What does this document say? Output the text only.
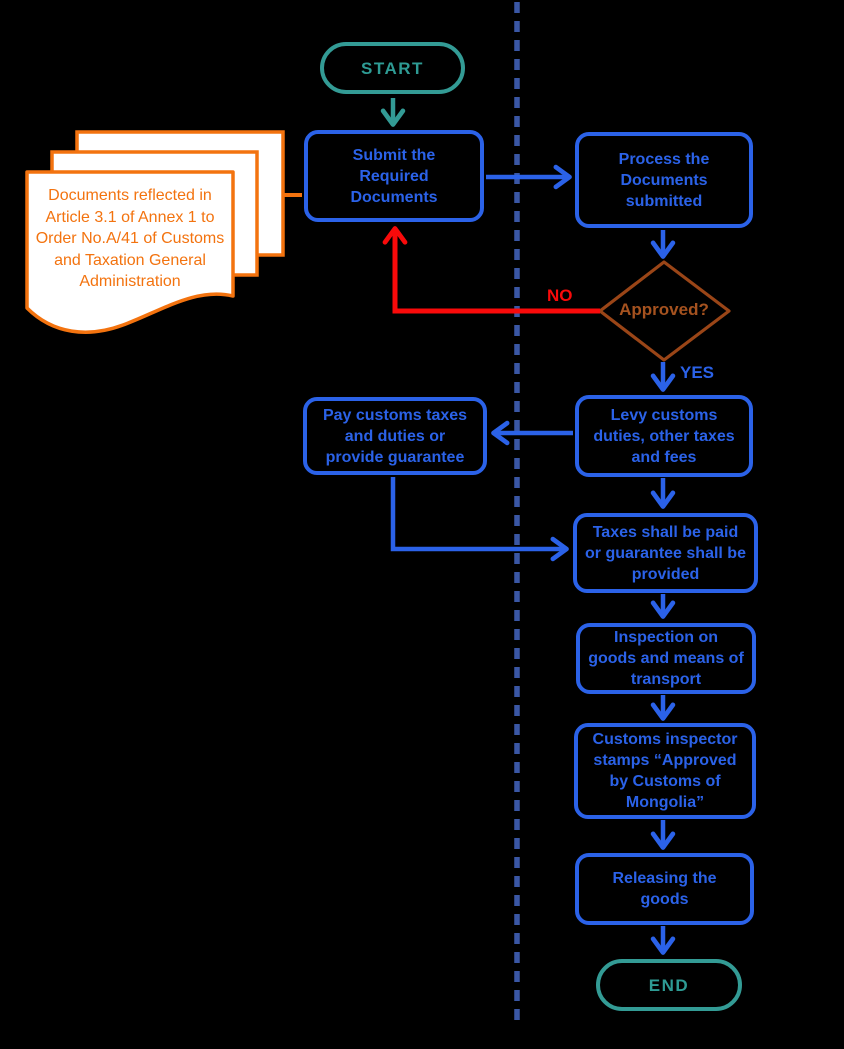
START
END
Submit the Required Documents
Process the Documents submitted
Levy customs duties, other taxes and fees
Pay customs taxes and duties or provide guarantee
Taxes shall be paid or guarantee shall be provided
Inspection on goods and means of transport
Customs inspector stamps “Approved by Customs of Mongolia”
Releasing the goods
Documents reflected in Article 3.1 of Annex 1 to Order No.A/41 of Customs and Taxation General Administration
Approved?
NO
YES
